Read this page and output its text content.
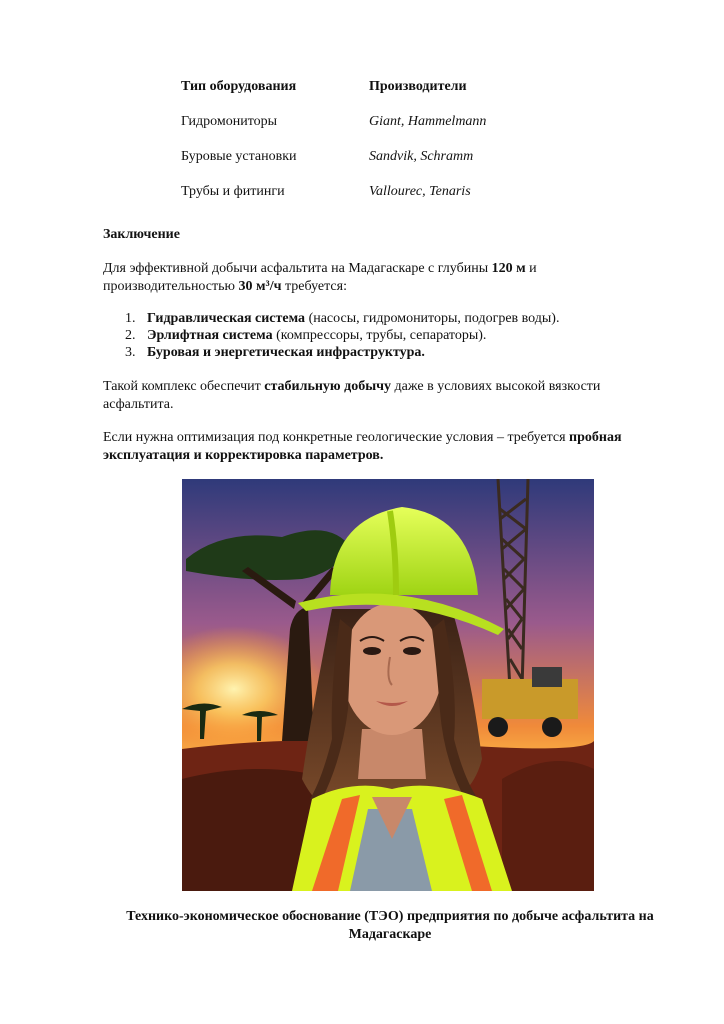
Тип оборудования	Производители
Гидромониторы	Giant, Hammelmann
Буровые установки	Sandvik, Schramm
Трубы и фитинги	Vallourec, Tenaris
Заключение
Для эффективной добычи асфальтита на Мадагаскаре с глубины 120 м и производительностью 30 м³/ч требуется:
1. Гидравлическая система (насосы, гидромониторы, подогрев воды).
2. Эрлифтная система (компрессоры, трубы, сепараторы).
3. Буровая и энергетическая инфраструктура.
Такой комплекс обеспечит стабильную добычу даже в условиях высокой вязкости асфальтита.
Если нужна оптимизация под конкретные геологические условия – требуется пробная эксплуатация и корректировка параметров.
Технико-экономическое обоснование (ТЭО) предприятия по добыче асфальтита на Мадагаскаре
